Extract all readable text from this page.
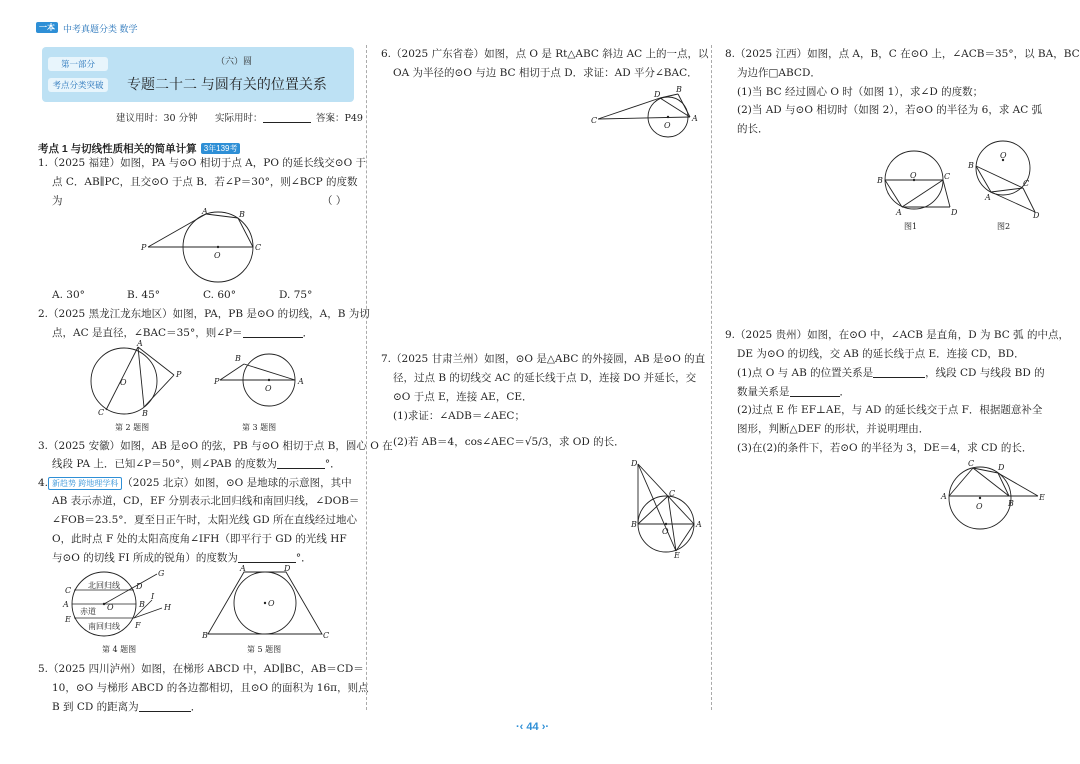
一本 中考真题分类 数学
第一部分
考点分类突破
（六）圆
专题二十二 与圆有关的位置关系
建议用时：30 分钟 实际用时：	答案：P49
考点 1 与切线性质相关的简单计算 3年139考
1.（2025 福建）如图，PA 与⊙O 相切于点 A，PO 的延长线交⊙O 于
点 C．AB∥PC，且交⊙O 于点 B．若∠P＝30°，则∠BCP 的度数
为	（ ）
P
A	B
C
O
A. 30°	B. 45°	C. 60°	D. 75°
2.（2025 黑龙江龙东地区）如图，PA，PB 是⊙O 的切线，A，B 为切
点，AC 是直径，∠BAC＝35°，则∠P＝	．
A
P
B
C
O
第 2 题图
P
B
A
O
第 3 题图
3.（2025 安徽）如图，AB 是⊙O 的弦，PB 与⊙O 相切于点 B，圆心 O 在
线段 PA 上．已知∠P＝50°，则∠PAB 的度数为	°．
4. 新趋势 跨地理学科 （2025 北京）如图，⊙O 是地球的示意图，其中
AB 表示赤道，CD，EF 分别表示北回归线和南回归线，∠DOB＝
∠FOB＝23.5°．夏至日正午时，太阳光线 GD 所在直线经过地心
O，此时点 F 处的太阳高度角∠IFH（即平行于 GD 的光线 HF
与⊙O 的切线 FI 所成的锐角）的度数为	°．
北回归线
赤道
南回归线
C
A
E
D
B
F
G
I
H
O
第 4 题图
A	D
B	C
O
第 5 题图
5.（2025 四川泸州）如图，在梯形 ABCD 中，AD∥BC，AB＝CD＝
10，⊙O 与梯形 ABCD 的各边都相切，且⊙O 的面积为 16π，则点
B 到 CD 的距离为	．
6.（2025 广东省卷）如图，点 O 是 Rt△ABC 斜边 AC 上的一点，以
OA 为半径的⊙O 与边 BC 相切于点 D．求证：AD 平分∠BAC．
C
D
B
A
O
7.（2025 甘肃兰州）如图，⊙O 是△ABC 的外接圆，AB 是⊙O 的直
径，过点 B 的切线交 AC 的延长线于点 D，连接 DO 并延长，交
⊙O 于点 E，连接 AE，CE．
(1)求证：∠ADB＝∠AEC；
(2)若 AB＝4，cos∠AEC＝√5/3，求 OD 的长．
D
C
B	A
O
E
8.（2025 江西）如图，点 A，B，C 在⊙O 上，∠ACB＝35°，以 BA，BC
为边作□ABCD．
(1)当 BC 经过圆心 O 时（如图 1），求∠D 的度数；
(2)当 AD 与⊙O 相切时（如图 2），若⊙O 的半径为 6，求 AC 弧
的长．
B
O	C
A	D
图1
B
O
C
A
D
图2
9.（2025 贵州）如图，在⊙O 中，∠ACB 是直角，D 为 BC 弧 的中点，
DE 为⊙O 的切线，交 AB 的延长线于点 E．连接 CD，BD．
(1)点 O 与 AB 的位置关系是	，线段 CD 与线段 BD 的
数量关系是	．
(2)过点 E 作 EF⊥AE，与 AD 的延长线交于点 F．根据题意补全
图形，判断△DEF 的形状，并说明理由．
(3)在(2)的条件下，若⊙O 的半径为 3，DE＝4，求 CD 的长．
A
C	D
B
E
O
·‹ 44 ›·
